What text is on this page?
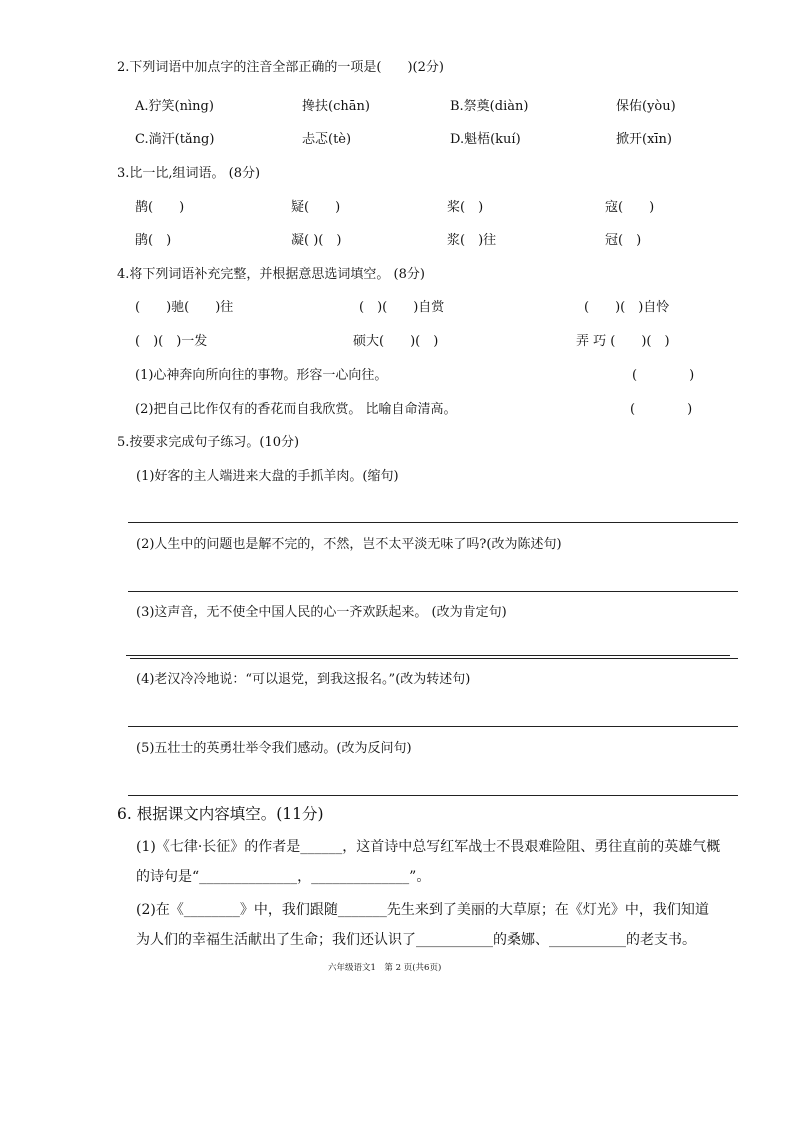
2.下列词语中加点字的注音全部正确的一项是(　　)(2分)
A.狞笑(nìng)	搀扶(chān)	B.祭奠(diàn)	保佑(yòu)
C.淌汗(tǎng)	忐忑(tè)	D.魁梧(kuí)	掀开(xīn)
3.比一比,组词语。 (8分)
鹊(　　)	疑(　　)	桨(　)	寇(　　)
鹃(　)	凝( )(　)	浆(　)往	冠(　)
4.将下列词语补充完整，并根据意思选词填空。 (8分)
(　　)驰(　　)往	(　)(　　)自赏	(　　)(　)自怜
(　)(　)一发	硕大(　　)(　)	弄 巧 (　　)(　)
(1)心神奔向所向往的事物。形容一心向往。	(　　　　)
(2)把自己比作仅有的香花而自我欣赏。 比喻自命清高。	(　　　　)
5.按要求完成句子练习。(10分)
(1)好客的主人端进来大盘的手抓羊肉。(缩句)
(2)人生中的问题也是解不完的，不然，岂不太平淡无味了吗?(改为陈述句)
(3)这声音，无不使全中国人民的心一齐欢跃起来。 (改为肯定句)
(4)老汉冷冷地说：“可以退党，到我这报名。”(改为转述句)
(5)五壮士的英勇壮举令我们感动。(改为反问句)
6. 根据课文内容填空。(11分)
(1)《七律·长征》的作者是______，这首诗中总写红军战士不畏艰难险阻、勇往直前的英雄气概
的诗句是“______________，______________”。
(2)在《________》中，我们跟随_______先生来到了美丽的大草原；在《灯光》中，我们知道
为人们的幸福生活献出了生命；我们还认识了___________的桑娜、___________的老支书。
六年级语文1　第 2 页(共6页)
